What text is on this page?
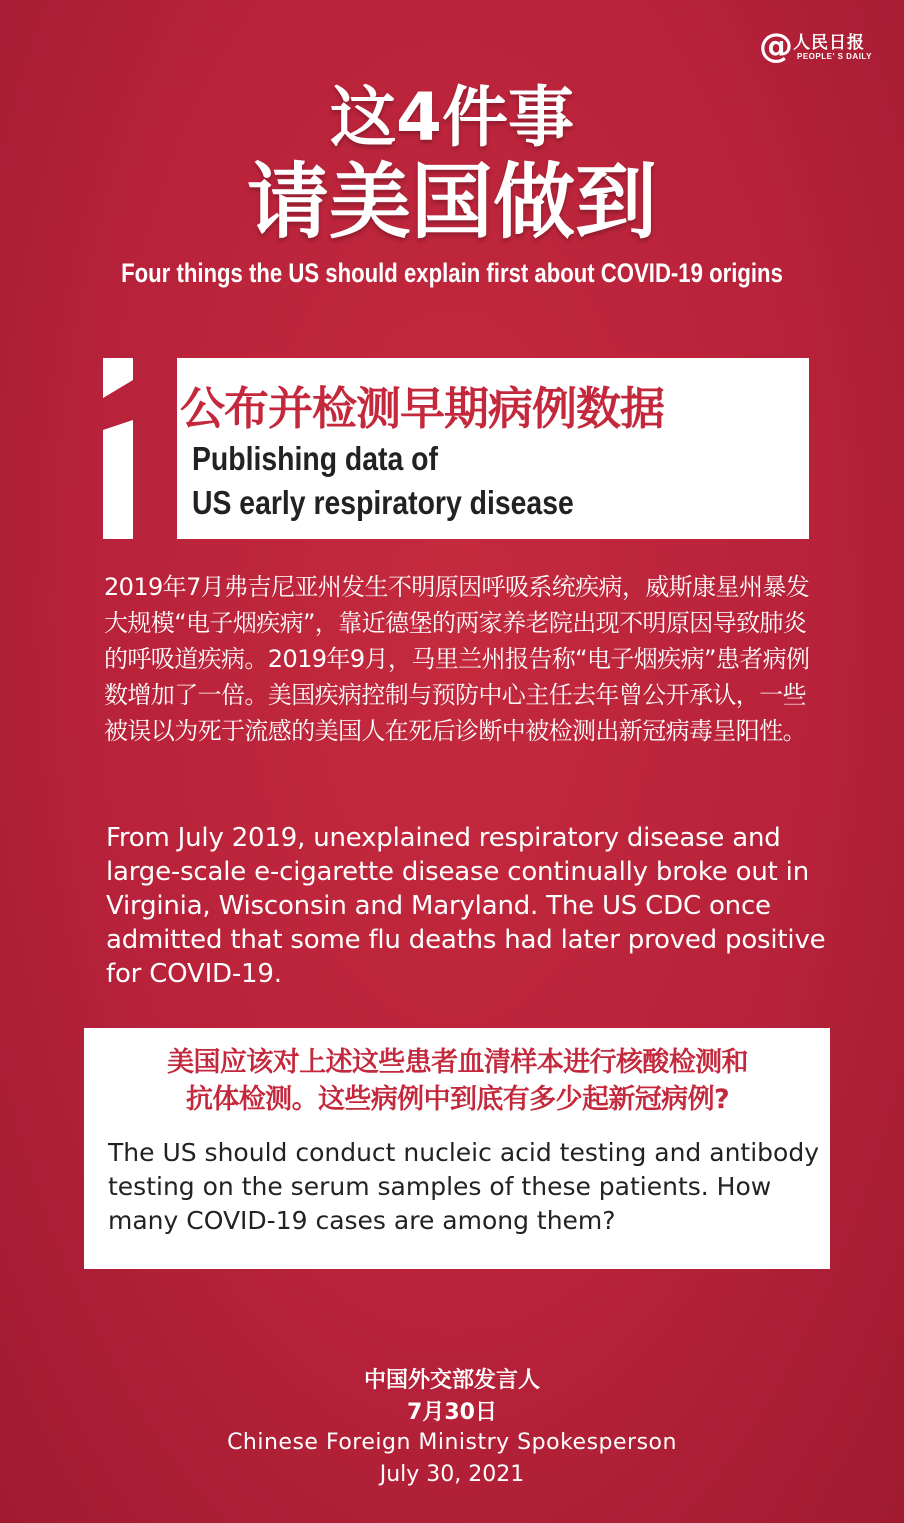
@ 人民日报
PEOPLE' S DAILY
这4件事
请美国做到
Four things the US should explain first about COVID-19 origins
1
公布并检测早期病例数据
Publishing data of
US early respiratory disease
2019年7月弗吉尼亚州发生不明原因呼吸系统疾病，威斯康星州暴发大规模“电子烟疾病”，靠近德堡的两家养老院出现不明原因导致肺炎的呼吸道疾病。2019年9月，马里兰州报告称“电子烟疾病”患者病例数增加了一倍。美国疾病控制与预防中心主任去年曾公开承认，一些被误以为死于流感的美国人在死后诊断中被检测出新冠病毒呈阳性。
From July 2019, unexplained respiratory disease and large-scale e-cigarette disease continually broke out in Virginia, Wisconsin and Maryland. The US CDC once admitted that some flu deaths had later proved positive for COVID-19.
美国应该对上述这些患者血清样本进行核酸检测和
抗体检测。这些病例中到底有多少起新冠病例?
The US should conduct nucleic acid testing and antibody testing on the serum samples of these patients. How many COVID-19 cases are among them?
中国外交部发言人
7月30日
Chinese Foreign Ministry Spokesperson
July 30, 2021
